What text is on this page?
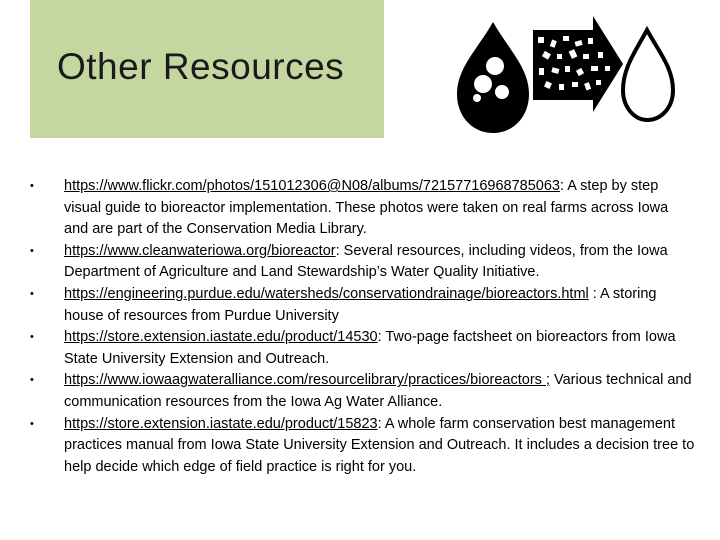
Other Resources
• https://www.flickr.com/photos/151012306@N08/albums/72157716968785063: A step by step visual guide to bioreactor implementation. These photos were taken on real farms across Iowa and are part of the Conservation Media Library.
• https://www.cleanwateriowa.org/bioreactor: Several resources, including videos, from the Iowa Department of Agriculture and Land Stewardship’s Water Quality Initiative.
• https://engineering.purdue.edu/watersheds/conservationdrainage/bioreactors.html : A storing house of resources from Purdue University
• https://store.extension.iastate.edu/product/14530: Two-page factsheet on bioreactors from Iowa State University Extension and Outreach.
• https://www.iowaagwateralliance.com/resourcelibrary/practices/bioreactors ; Various technical and communication resources from the Iowa Ag Water Alliance.
• https://store.extension.iastate.edu/product/15823: A whole farm conservation best management practices manual from Iowa State University Extension and Outreach. It includes a decision tree to help decide which edge of field practice is right for you.
